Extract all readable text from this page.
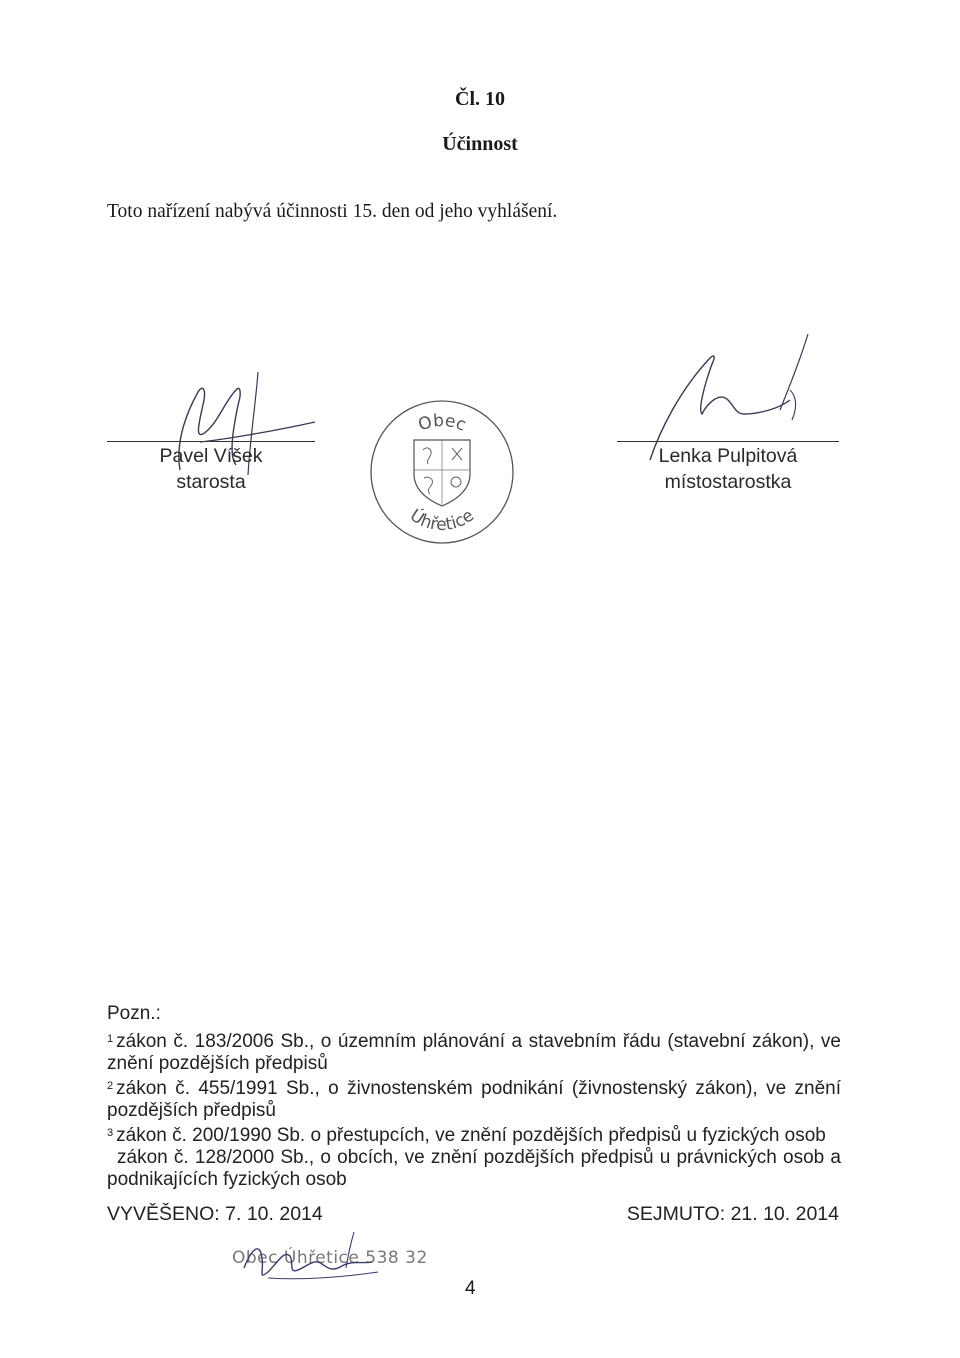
Čl. 10
Účinnost
Toto nařízení nabývá účinnosti 15. den od jeho vyhlášení.
Pavel Víšek
starosta
Obec
Úhřetice
Lenka Pulpitová
místostarostka

Pozn.:

$^1$ zákon č. 183/2006 Sb., o územním plánování a stavebním řádu (stavební zákon), ve znění pozdějších předpisů

$^2$ zákon č. 455/1991 Sb., o živnostenském podnikání (živnostenský zákon), ve znění pozdějších předpisů

$^3$ zákon č. 200/1990 Sb. o přestupcích, ve znění pozdějších předpisů u fyzických osob

zákon č. 128/2000 Sb., o obcích, ve znění pozdějších předpisů u právnických osob a podnikajících fyzických osob

VYVĚŠENO: 7. 10. 2014	SEJMUTO: 21. 10. 2014
Obec Úhřetice 538 32
4
